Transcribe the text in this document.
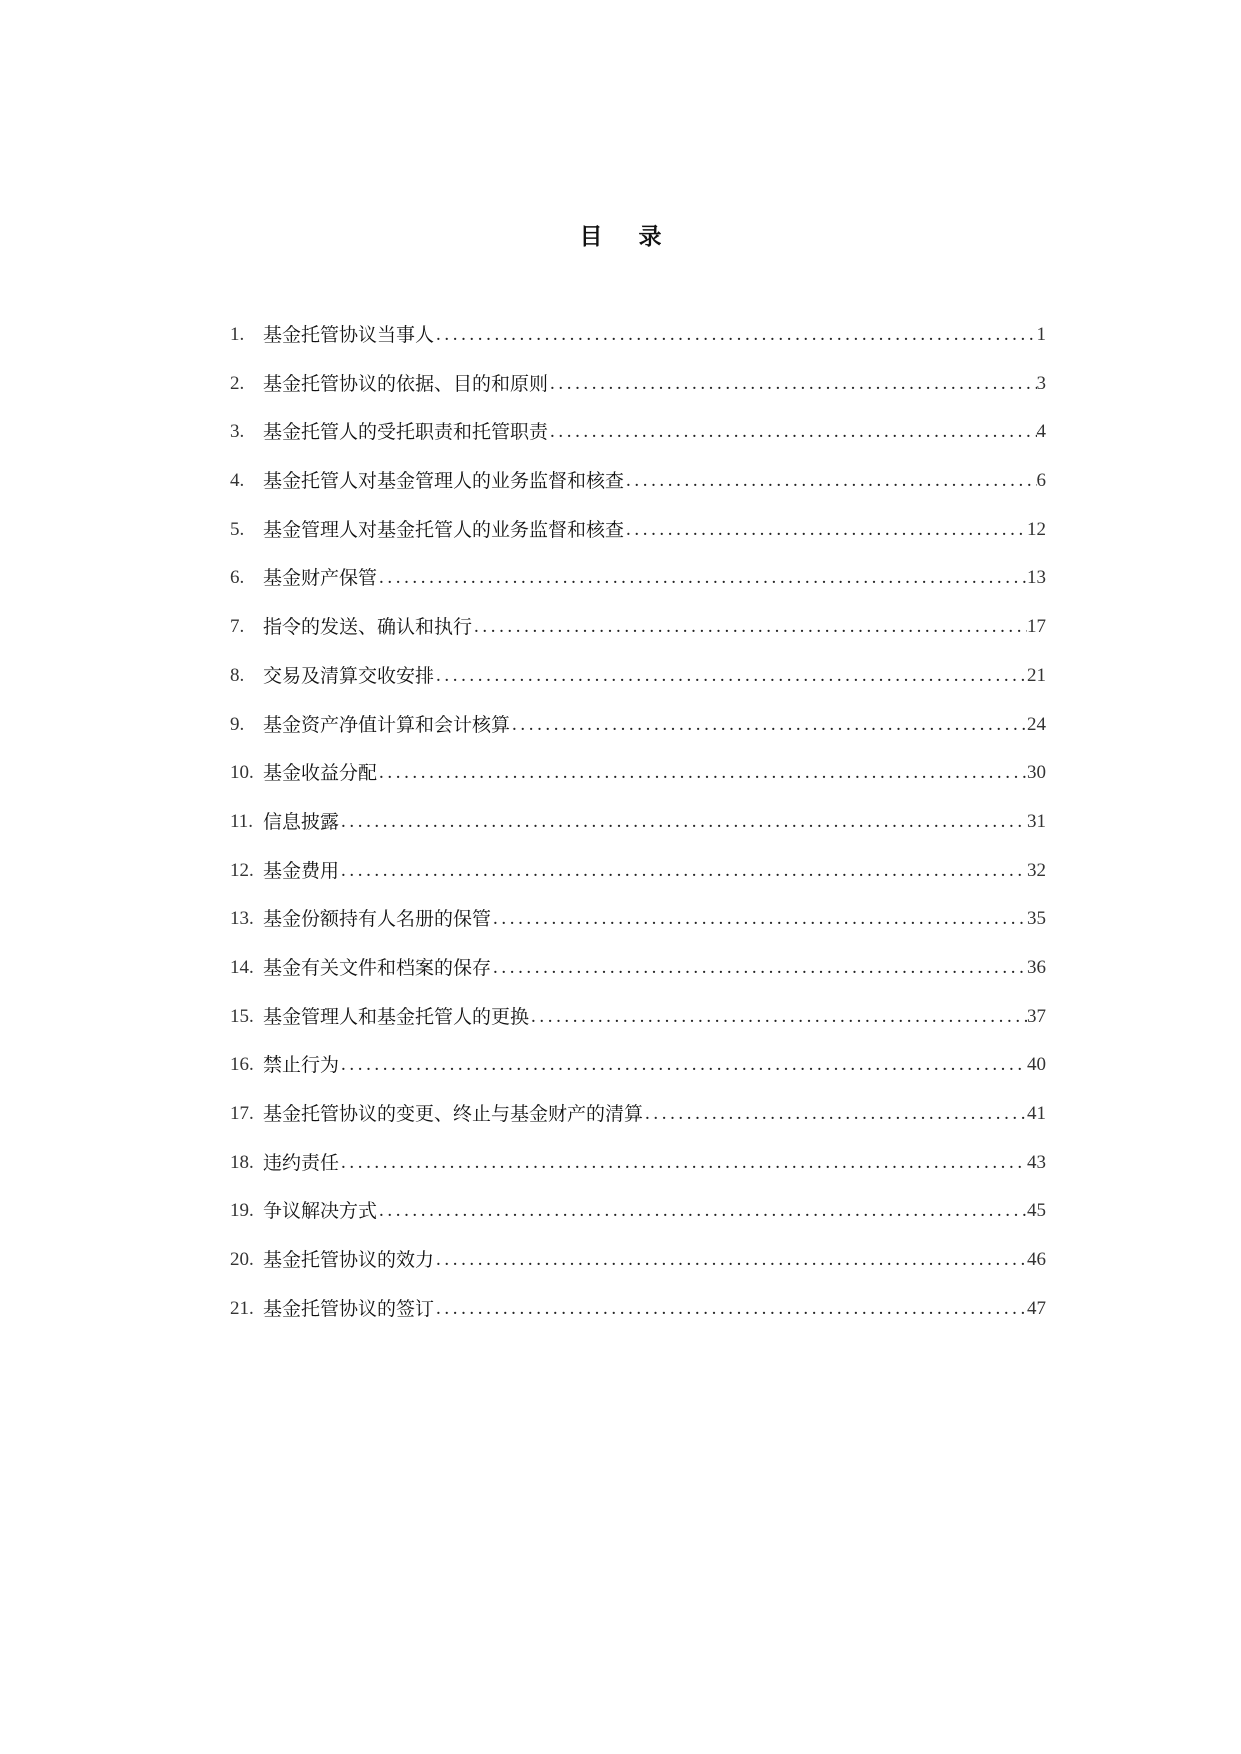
目 录
1. 基金托管协议当事人 .....	1
2. 基金托管协议的依据、目的和原则 .....	3
3. 基金托管人的受托职责和托管职责 .....	4
4. 基金托管人对基金管理人的业务监督和核查 .....	6
5. 基金管理人对基金托管人的业务监督和核查 .....	12
6. 基金财产保管 .....	13
7. 指令的发送、确认和执行 .....	17
8. 交易及清算交收安排 .....	21
9. 基金资产净值计算和会计核算 .....	24
10. 基金收益分配 .....	30
11. 信息披露 .....	31
12. 基金费用 .....	32
13. 基金份额持有人名册的保管 .....	35
14. 基金有关文件和档案的保存 .....	36
15. 基金管理人和基金托管人的更换 .....	37
16. 禁止行为 .....	40
17. 基金托管协议的变更、终止与基金财产的清算 .....	41
18. 违约责任 .....	43
19. 争议解决方式 .....	45
20. 基金托管协议的效力 .....	46
21. 基金托管协议的签订 .....	47
